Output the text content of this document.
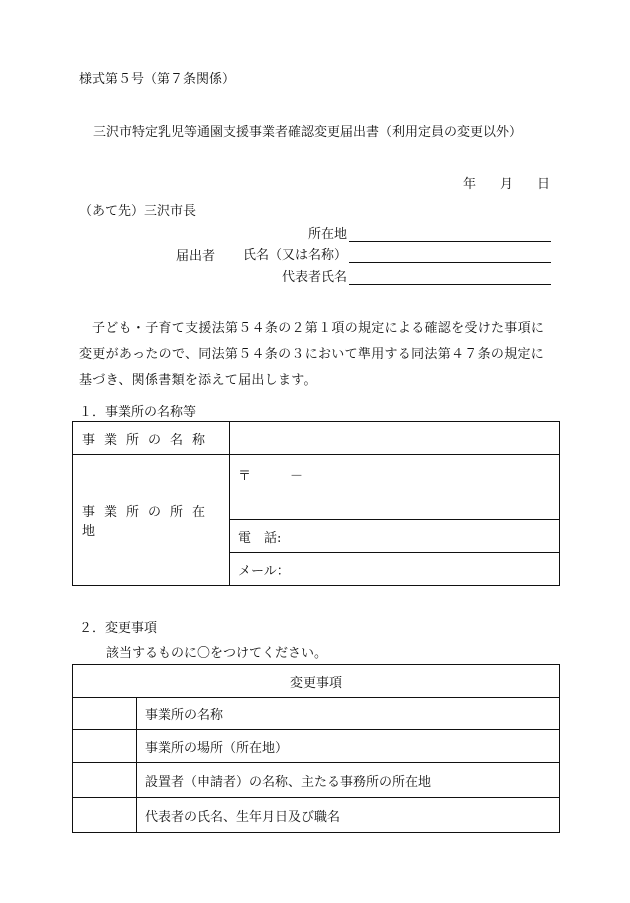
様式第５号（第７条関係）
三沢市特定乳児等通園支援事業者確認変更届出書（利用定員の変更以外）
年 月 日
（あて先）三沢市長
所在地
届出者 氏名（又は名称）
代表者氏名
子ども・子育て支援法第５４条の２第１項の規定による確認を受けた事項に変更があったので、同法第５４条の３において準用する同法第４７条の規定に基づき、関係書類を添えて届出します。
１．事業所の名称等
事業所の名称	
事業所の所在地	〒　　　－
	電　話:
	メール：
２．変更事項
該当するものに〇をつけてください。
変更事項	
	事業所の名称
	事業所の場所（所在地）
	設置者（申請者）の名称、主たる事務所の所在地
	代表者の氏名、生年月日及び職名
